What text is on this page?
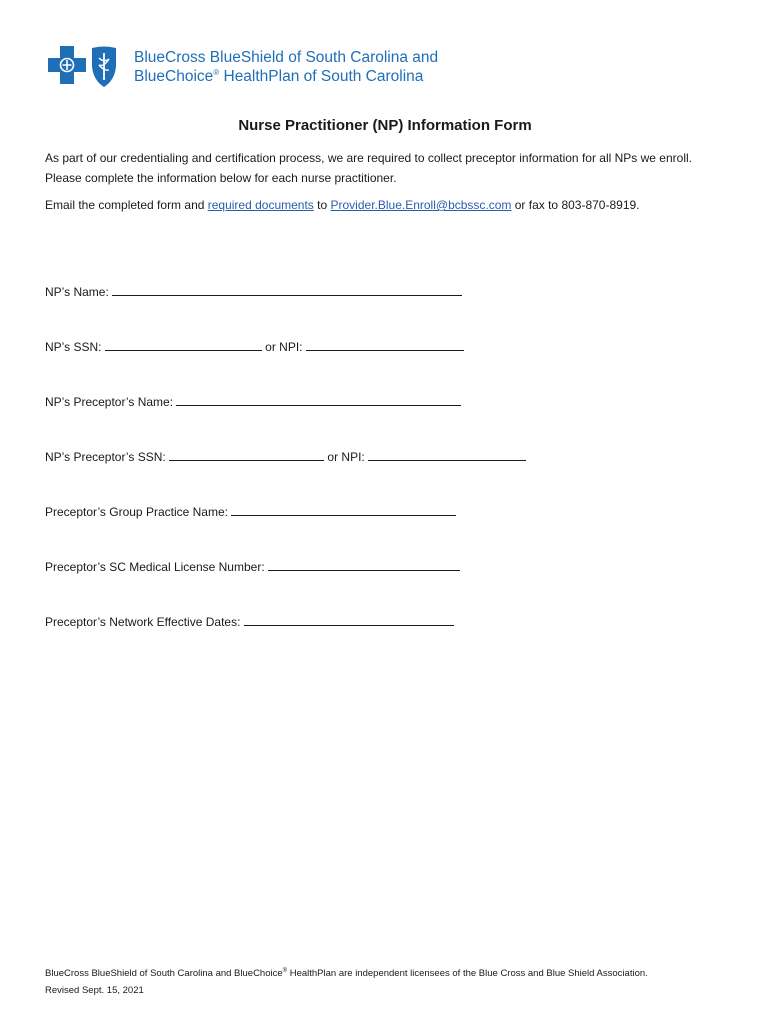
BlueCross BlueShield of South Carolina and
BlueChoice® HealthPlan of South Carolina
Nurse Practitioner (NP) Information Form

As part of our credentialing and certification process, we are required to collect preceptor information for all NPs we enroll. Please complete the information below for each nurse practitioner.

Email the completed form and required documents to Provider.Blue.Enroll@bcbssc.com or fax to 803-870-8919.

NP’s Name:
NP’s SSN:	or NPI:
NP’s Preceptor’s Name:
NP’s Preceptor’s SSN:	or NPI:
Preceptor’s Group Practice Name:
Preceptor’s SC Medical License Number:
Preceptor’s Network Effective Dates:
BlueCross BlueShield of South Carolina and BlueChoice® HealthPlan are independent licensees of the Blue Cross and Blue Shield Association.
Revised Sept. 15, 2021
